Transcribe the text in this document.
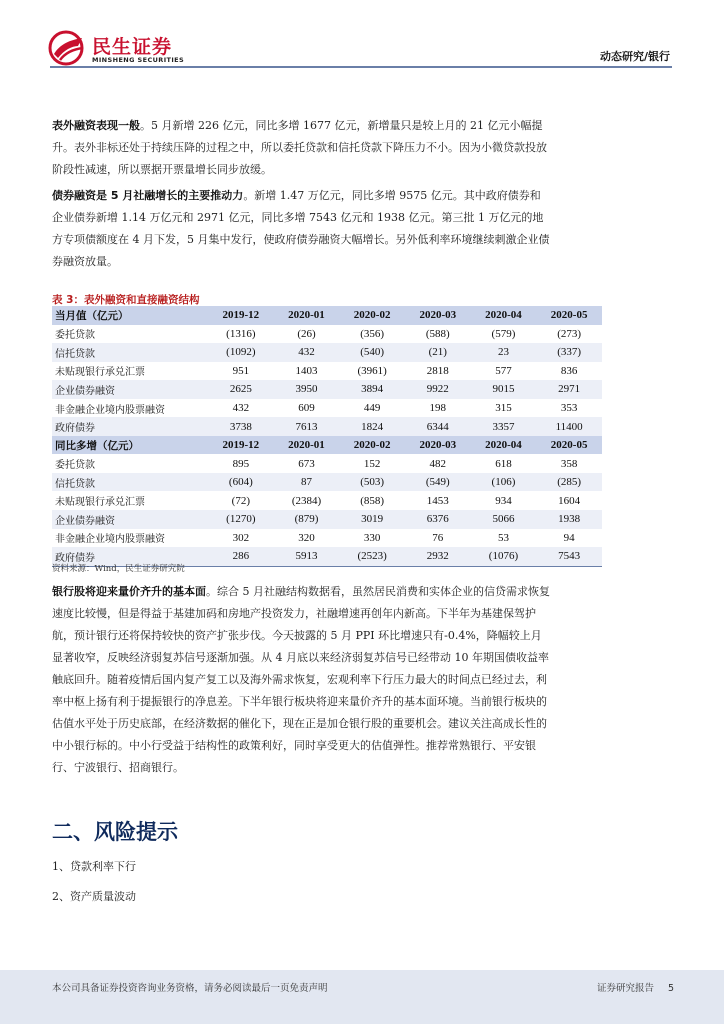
民生证券
MINSHENG SECURITIES	动态研究/银行

表外融资表现一般。5 月新增 226 亿元，同比多增 1677 亿元，新增量只是较上月的 21 亿元小幅提升。表外非标还处于持续压降的过程之中，所以委托贷款和信托贷款下降压力不小。因为小微贷款投放阶段性减速，所以票据开票量增长同步放缓。

债券融资是 5 月社融增长的主要推动力。新增 1.47 万亿元，同比多增 9575 亿元。其中政府债券和企业债券新增 1.14 万亿元和 2971 亿元，同比多增 7543 亿元和 1938 亿元。第三批 1 万亿元的地方专项债额度在 4 月下发，5 月集中发行，使政府债券融资大幅增长。另外低利率环境继续刺激企业债券融资放量。

表 3：表外融资和直接融资结构
当月值（亿元）	2019-12	2020-01	2020-02	2020-03	2020-04	2020-05
委托贷款	(1316)	(26)	(356)	(588)	(579)	(273)
信托贷款	(1092)	432	(540)	(21)	23	(337)
未贴现银行承兑汇票	951	1403	(3961)	2818	577	836
企业债券融资	2625	3950	3894	9922	9015	2971
非金融企业境内股票融资	432	609	449	198	315	353
政府债券	3738	7613	1824	6344	3357	11400
同比多增（亿元）	2019-12	2020-01	2020-02	2020-03	2020-04	2020-05
委托贷款	895	673	152	482	618	358
信托贷款	(604)	87	(503)	(549)	(106)	(285)
未贴现银行承兑汇票	(72)	(2384)	(858)	1453	934	1604
企业债券融资	(1270)	(879)	3019	6376	5066	1938
非金融企业境内股票融资	302	320	330	76	53	94
政府债券	286	5913	(2523)	2932	(1076)	7543
资料来源：Wind，民生证券研究院

银行股将迎来量价齐升的基本面。综合 5 月社融结构数据看，虽然居民消费和实体企业的信贷需求恢复速度比较慢，但是得益于基建加码和房地产投资发力，社融增速再创年内新高。下半年为基建保驾护航，预计银行还将保持较快的资产扩张步伐。今天披露的 5 月 PPI 环比增速只有-0.4%，降幅较上月显著收窄，反映经济弱复苏信号逐渐加强。从 4 月底以来经济弱复苏信号已经带动 10 年期国债收益率触底回升。随着疫情后国内复产复工以及海外需求恢复，宏观利率下行压力最大的时间点已经过去，利率中枢上扬有利于提振银行的净息差。下半年银行板块将迎来量价齐升的基本面环境。当前银行板块的估值水平处于历史底部，在经济数据的催化下，现在正是加仓银行股的重要机会。建议关注高成长性的中小银行标的。中小行受益于结构性的政策利好，同时享受更大的估值弹性。推荐常熟银行、平安银行、宁波银行、招商银行。

二、风险提示
1、贷款利率下行
2、资产质量波动
本公司具备证券投资咨询业务资格，请务必阅读最后一页免责声明	证券研究报告 5
